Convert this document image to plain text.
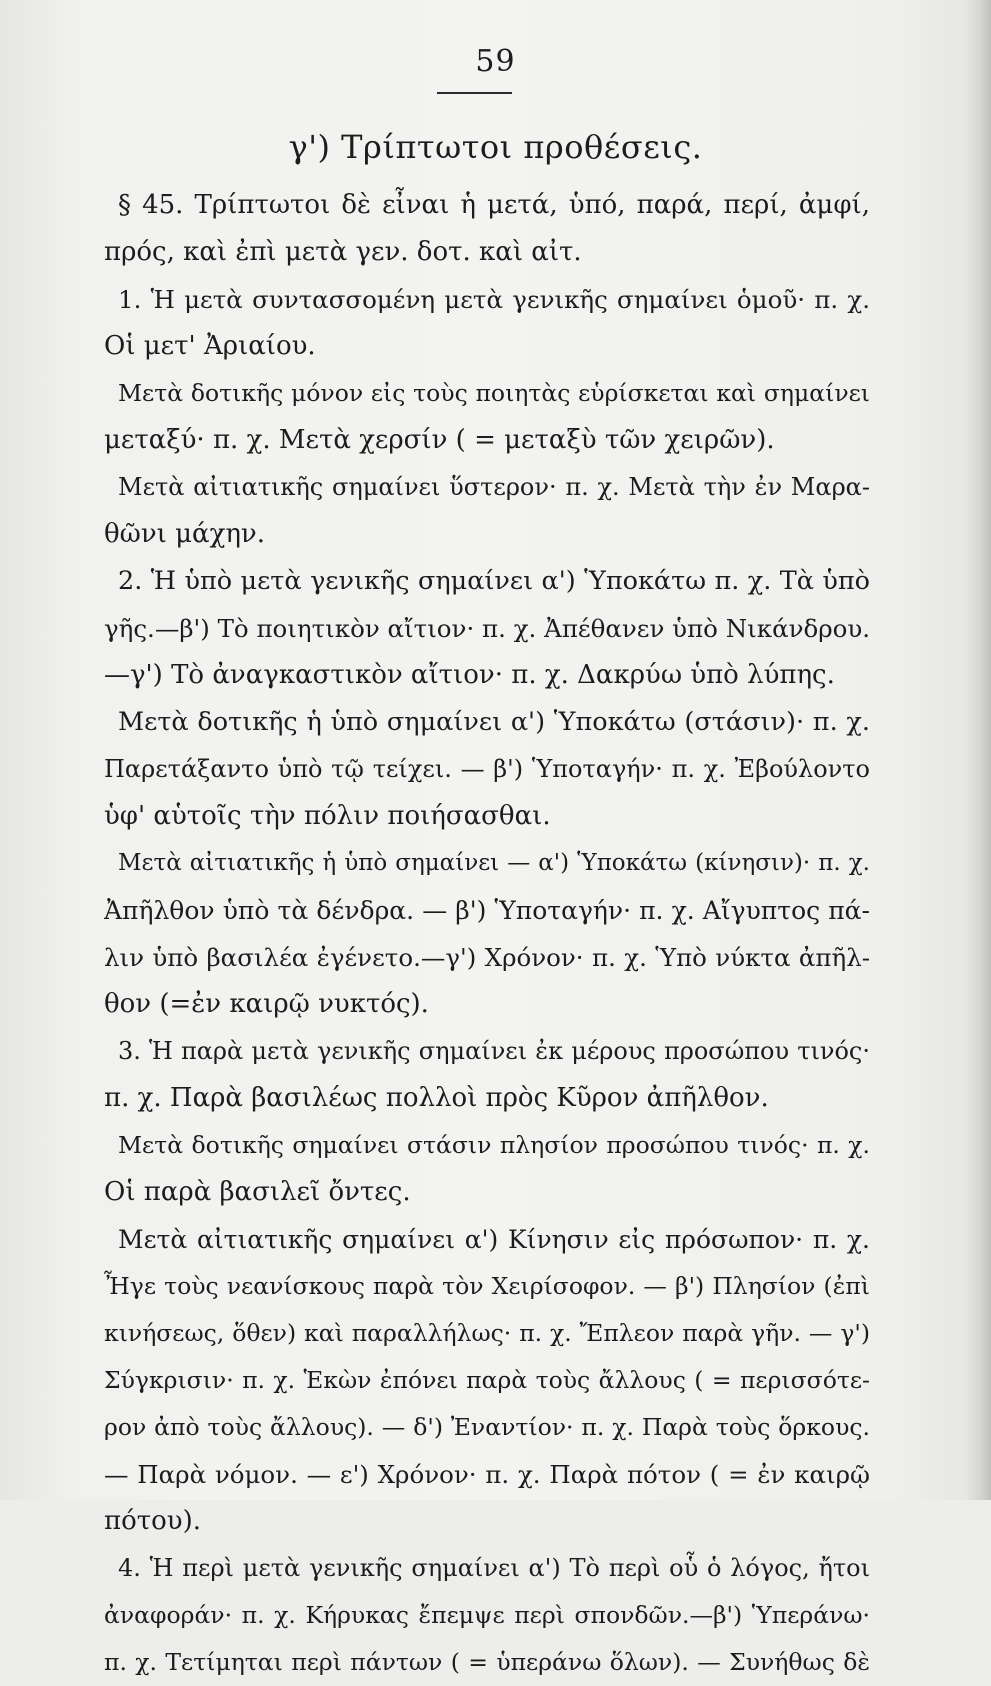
59
γ') Τρίπτωτοι προθέσεις.
§ 45. Τρίπτωτοι δὲ εἶναι ἡ μετά, ὑπό, παρά, περί, ἀμφί,
πρός, καὶ ἐπὶ μετὰ γεν. δοτ. καὶ αἰτ.
1. Ἡ μετὰ συντασσομένη μετὰ γενικῆς σημαίνει ὁμοῦ· π. χ.
Οἱ μετ' Ἀριαίου.
Μετὰ δοτικῆς μόνον εἰς τοὺς ποιητὰς εὑρίσκεται καὶ σημαίνει
μεταξύ· π. χ. Μετὰ χερσίν ( = μεταξὺ τῶν χειρῶν).
Μετὰ αἰτιατικῆς σημαίνει ὕστερον· π. χ. Μετὰ τὴν ἐν Μαρα-
θῶνι μάχην.
2. Ἡ ὑπὸ μετὰ γενικῆς σημαίνει α') Ὑποκάτω π. χ. Τὰ ὑπὸ
γῆς.—β') Τὸ ποιητικὸν αἴτιον· π. χ. Ἀπέθανεν ὑπὸ Νικάνδρου.
—γ') Τὸ ἀναγκαστικὸν αἴτιον· π. χ. Δακρύω ὑπὸ λύπης.
Μετὰ δοτικῆς ἡ ὑπὸ σημαίνει α') Ὑποκάτω (στάσιν)· π. χ.
Παρετάξαντο ὑπὸ τῷ τείχει. — β') Ὑποταγήν· π. χ. Ἐβούλοντο
ὑφ' αὑτοῖς τὴν πόλιν ποιήσασθαι.
Μετὰ αἰτιατικῆς ἡ ὑπὸ σημαίνει — α') Ὑποκάτω (κίνησιν)· π. χ.
Ἀπῆλθον ὑπὸ τὰ δένδρα. — β') Ὑποταγήν· π. χ. Αἴγυπτος πά-
λιν ὑπὸ βασιλέα ἐγένετο.—γ') Χρόνον· π. χ. Ὑπὸ νύκτα ἀπῆλ-
θον (=ἐν καιρῷ νυκτός).
3. Ἡ παρὰ μετὰ γενικῆς σημαίνει ἐκ μέρους προσώπου τινός·
π. χ. Παρὰ βασιλέως πολλοὶ πρὸς Κῦρον ἀπῆλθον.
Μετὰ δοτικῆς σημαίνει στάσιν πλησίον προσώπου τινός· π. χ.
Οἱ παρὰ βασιλεῖ ὄντες.
Μετὰ αἰτιατικῆς σημαίνει α') Κίνησιν εἰς πρόσωπον· π. χ.
Ἦγε τοὺς νεανίσκους παρὰ τὸν Χειρίσοφον. — β') Πλησίον (ἐπὶ
κινήσεως, ὅθεν) καὶ παραλλήλως· π. χ. Ἔπλεον παρὰ γῆν. — γ')
Σύγκρισιν· π. χ. Ἑκὼν ἐπόνει παρὰ τοὺς ἄλλους ( = περισσότε-
ρον ἀπὸ τοὺς ἄλλους). — δ') Ἐναντίον· π. χ. Παρὰ τοὺς ὅρκους.
— Παρὰ νόμον. — ε') Χρόνον· π. χ. Παρὰ πότον ( = ἐν καιρῷ
πότου).
4. Ἡ περὶ μετὰ γενικῆς σημαίνει α') Τὸ περὶ οὗ ὁ λόγος, ἤτοι
ἀναφοράν· π. χ. Κήρυκας ἔπεμψε περὶ σπονδῶν.—β') Ὑπεράνω·
π. χ. Τετίμηται περὶ πάντων ( = ὑπεράνω ὅλων). — Συνήθως δὲ
